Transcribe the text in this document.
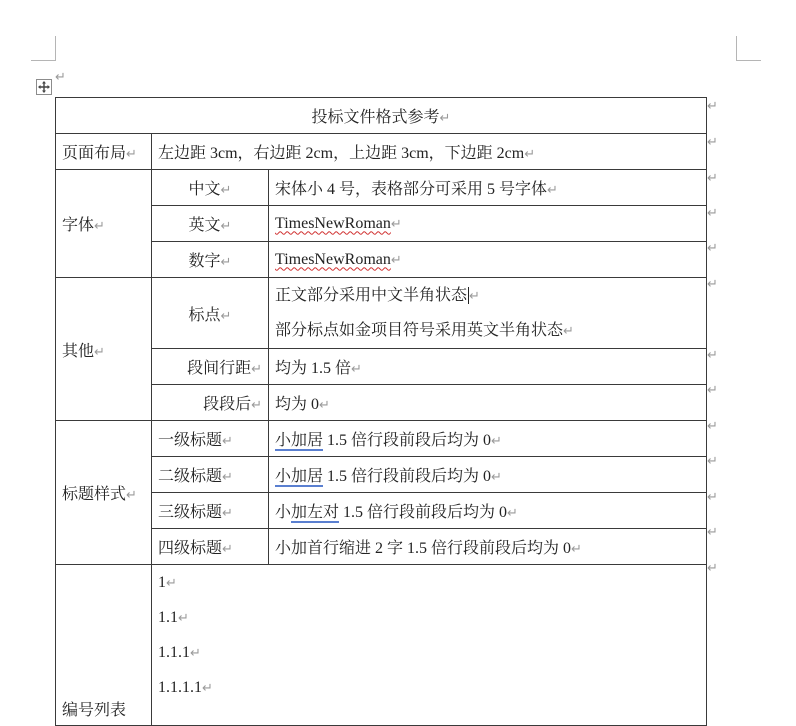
↵
投标文件格式参考↵		
页面布局↵	左边距 3cm，右边距 2cm，上边距 3cm，下边距 2cm↵	
字体↵	中文↵	宋体小 4 号，表格部分可采用 5 号字体↵
	英文↵	TimesNewRoman↵
	数字↵	TimesNewRoman↵
其他↵	标点↵	正文部分采用中文半角状态 ↵
部分标点如金项目符号采用英文半角状态↵

	段间行距↵	均为 1.5 倍↵
	段段后↵	均为 0↵
标题样式↵	一级标题↵	小加居 1.5 倍行段前段后均为 0↵
	二级标题↵	小加居 1.5 倍行段前段后均为 0↵
	三级标题↵	小加左对 1.5 倍行段前段后均为 0↵
	四级标题↵	小加首行缩进 2 字 1.5 倍行段前段后均为 0↵

编号列表	1↵
1.1↵
1.1.1↵
1.1.1.1↵	
↵
↵
↵
↵
↵
↵
↵
↵
↵
↵
↵
↵
↵
